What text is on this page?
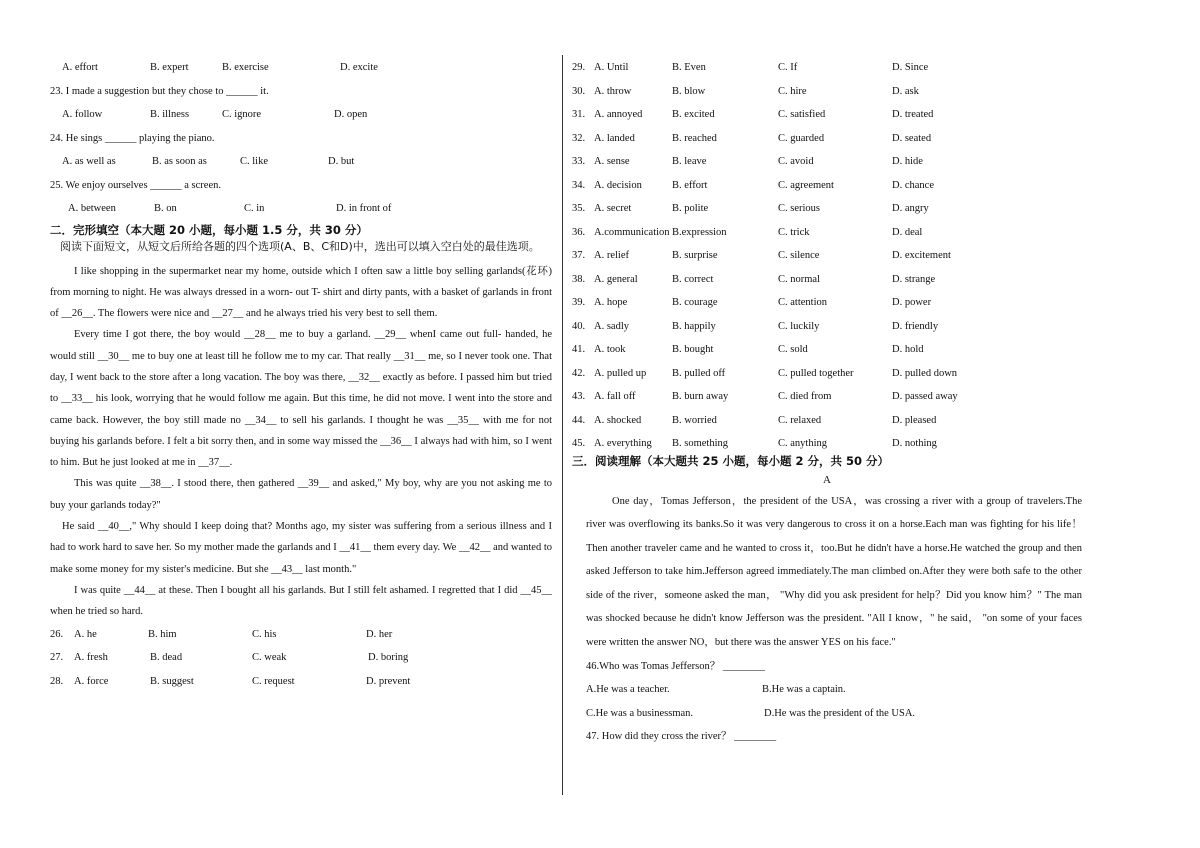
A. effort	B. expert	B. exercise	D. excite
23. I made a suggestion but they chose to ______ it.
A. follow	B. illness	C. ignore	D. open
24. He sings ______ playing the piano.
A. as well as	B. as soon as	C. like	D. but
25. We enjoy ourselves ______ a screen.
A. between	B. on	C. in	D. in front of
二．完形填空（本大题 20 小题，每小题 1.5 分，共 30 分）
阅读下面短文，从短文后所给各题的四个选项(A、B、C和D)中，选出可以填入空白处的最佳选项。

I like shopping in the supermarket near my home, outside which I often saw a little boy selling garlands(花环) from morning to night. He was always dressed in a worn- out T- shirt and dirty pants, with a basket of garlands in front of __26__. The flowers were nice and __27__ and he always tried his very best to sell them.

Every time I got there, the boy would __28__ me to buy a garland. __29__ whenI came out full- handed, he would still __30__ me to buy one at least till he follow me to my car. That really __31__ me, so I never took one. That day, I went back to the store after a long vacation. The boy was there, __32__ exactly as before. I passed him but tried to __33__ his look, worrying that he would follow me again. But this time, he did not move. I went into the store and came back. However, the boy still made no __34__ to sell his garlands. I thought he was __35__ with me for not buying his garlands before. I felt a bit sorry then, and in some way missed the __36__ I always had with him, so I went to him. But he just looked at me in __37__.

This was quite __38__. I stood there, then gathered __39__ and asked," My boy, why are you not asking me to buy your garlands today?"

He said __40__," Why should I keep doing that? Months ago, my sister was suffering from a serious illness and I had to work hard to save her. So my mother made the garlands and I __41__ them every day. We __42__ and wanted to make some money for my sister's medicine. But she __43__ last month."

I was quite __44__ at these. Then I bought all his garlands. But I still felt ashamed. I regretted that I did __45__ when he tried so hard.

26. A. he	B. him	C. his	D. her
27. A. fresh	B. dead	C. weak	D. boring
28. A. force	B. suggest	C. request	D. prevent
29. A. Until	B. Even	C. If	D. Since
30. A. throw	B. blow	C. hire	D. ask
31. A. annoyed	B. excited	C. satisfied	D. treated
32. A. landed	B. reached	C. guarded	D. seated
33. A. sense	B. leave	C. avoid	D. hide
34. A. decision	B. effort	C. agreement	D. chance
35. A. secret	B. polite	C. serious	D. angry
36. A.communication B.expression	C. trick	D. deal
37. A. relief	B. surprise	C. silence	D. excitement
38. A. general	B. correct	C. normal	D. strange
39. A. hope	B. courage	C. attention	D. power
40. A. sadly	B. happily	C. luckily	D. friendly
41. A. took	B. bought	C. sold	D. hold
42. A. pulled up B. pulled off	C. pulled together	D. pulled down
43. A. fall off	B. burn away	C. died from	D. passed away
44. A. shocked	B. worried	C. relaxed	D. pleased
45. A. everything B. something	C. anything	D. nothing
三．阅读理解（本大题共 25 小题，每小题 2 分，共 50 分）
A
One day，Tomas Jefferson，the president of the USA，was crossing a river with a group of travelers.The river was overflowing its banks.So it was very dangerous to cross it on a horse.Each man was fighting for his life！ Then another traveler came and he wanted to cross it，too.But he didn't have a horse.He watched the group and then asked Jefferson to take him.Jefferson agreed immediately.The man climbed on.After they were both safe to the other side of the river，someone asked the man， "Why did you ask president for help？Did you know him？" The man was shocked because he didn't know Jefferson was the president. "All I know，" he said， "on some of your faces were written the answer NO，but there was the answer YES on his face."
46.Who was Tomas Jefferson？ ________
A.He was a teacher.	B.He was a captain.
C.He was a businessman.	D.He was the president of the USA.
47. How did they cross the river？ ________
